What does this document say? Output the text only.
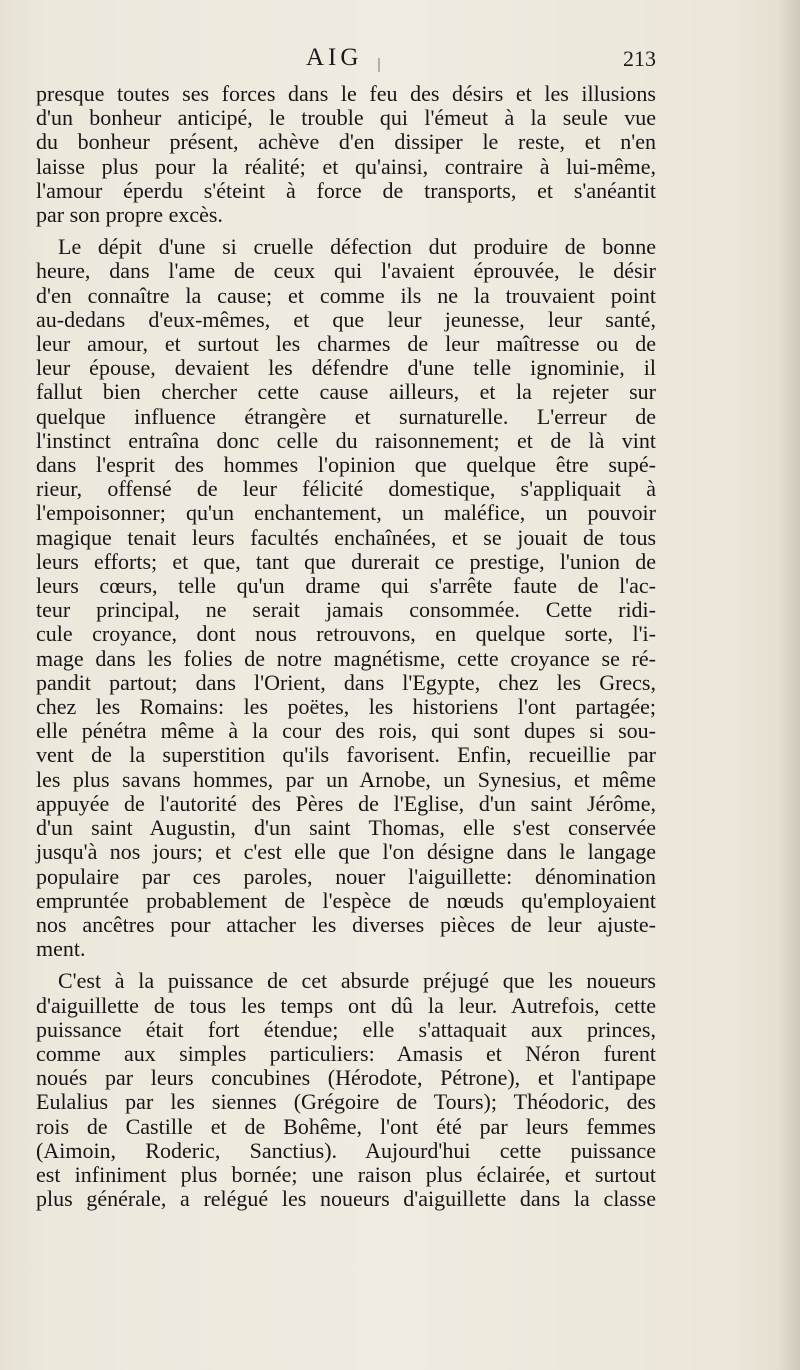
AIG	213
presque toutes ses forces dans le feu des désirs et les illusions
d'un bonheur anticipé, le trouble qui l'émeut à la seule vue
du bonheur présent, achève d'en dissiper le reste, et n'en
laisse plus pour la réalité; et qu'ainsi, contraire à lui-même,
l'amour éperdu s'éteint à force de transports, et s'anéantit
par son propre excès.
Le dépit d'une si cruelle défection dut produire de bonne
heure, dans l'ame de ceux qui l'avaient éprouvée, le désir
d'en connaître la cause; et comme ils ne la trouvaient point
au-dedans d'eux-mêmes, et que leur jeunesse, leur santé,
leur amour, et surtout les charmes de leur maîtresse ou de
leur épouse, devaient les défendre d'une telle ignominie, il
fallut bien chercher cette cause ailleurs, et la rejeter sur
quelque influence étrangère et surnaturelle. L'erreur de
l'instinct entraîna donc celle du raisonnement; et de là vint
dans l'esprit des hommes l'opinion que quelque être supé-
rieur, offensé de leur félicité domestique, s'appliquait à
l'empoisonner; qu'un enchantement, un maléfice, un pouvoir
magique tenait leurs facultés enchaînées, et se jouait de tous
leurs efforts; et que, tant que durerait ce prestige, l'union de
leurs cœurs, telle qu'un drame qui s'arrête faute de l'ac-
teur principal, ne serait jamais consommée. Cette ridi-
cule croyance, dont nous retrouvons, en quelque sorte, l'i-
mage dans les folies de notre magnétisme, cette croyance se ré-
pandit partout; dans l'Orient, dans l'Egypte, chez les Grecs,
chez les Romains: les poëtes, les historiens l'ont partagée;
elle pénétra même à la cour des rois, qui sont dupes si sou-
vent de la superstition qu'ils favorisent. Enfin, recueillie par
les plus savans hommes, par un Arnobe, un Synesius, et même
appuyée de l'autorité des Pères de l'Eglise, d'un saint Jérôme,
d'un saint Augustin, d'un saint Thomas, elle s'est conservée
jusqu'à nos jours; et c'est elle que l'on désigne dans le langage
populaire par ces paroles, nouer l'aiguillette: dénomination
empruntée probablement de l'espèce de nœuds qu'employaient
nos ancêtres pour attacher les diverses pièces de leur ajuste-
ment.
C'est à la puissance de cet absurde préjugé que les noueurs
d'aiguillette de tous les temps ont dû la leur. Autrefois, cette
puissance était fort étendue; elle s'attaquait aux princes,
comme aux simples particuliers: Amasis et Néron furent
noués par leurs concubines (Hérodote, Pétrone), et l'antipape
Eulalius par les siennes (Grégoire de Tours); Théodoric, des
rois de Castille et de Bohême, l'ont été par leurs femmes
(Aimoin, Roderic, Sanctius). Aujourd'hui cette puissance
est infiniment plus bornée; une raison plus éclairée, et surtout
plus générale, a relégué les noueurs d'aiguillette dans la classe
